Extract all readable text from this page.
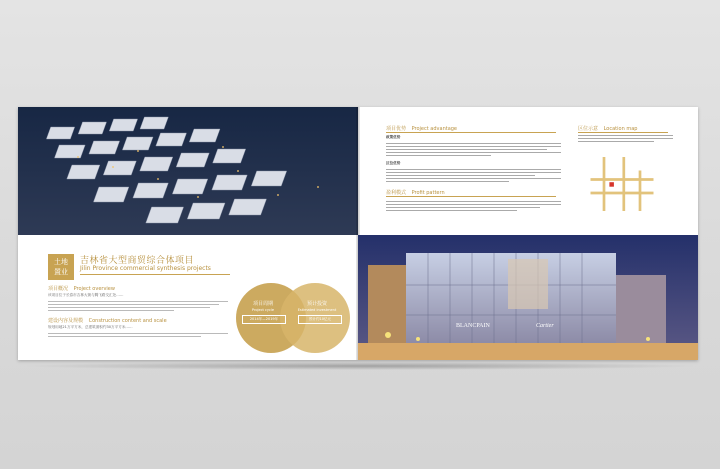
土地
置业
吉林省大型商贸综合体项目
Jilin Province commercial synthesis projects
项目概况 Project overview
该项目位于长春市吉林大街与腾飞路交汇处……
建设内容及规模 Construction content and scale
规划用地21万平方米，总建筑面积约30万平方米……
项目周期
Project cycle
2014年—2019年
预计投资
Estimated investment
预计约10亿元
项目优势 Project advantage
政策优势
区位优势
盈利模式 Profit pattern
区位示意 Location map
BLANCPAIN	Cartier
